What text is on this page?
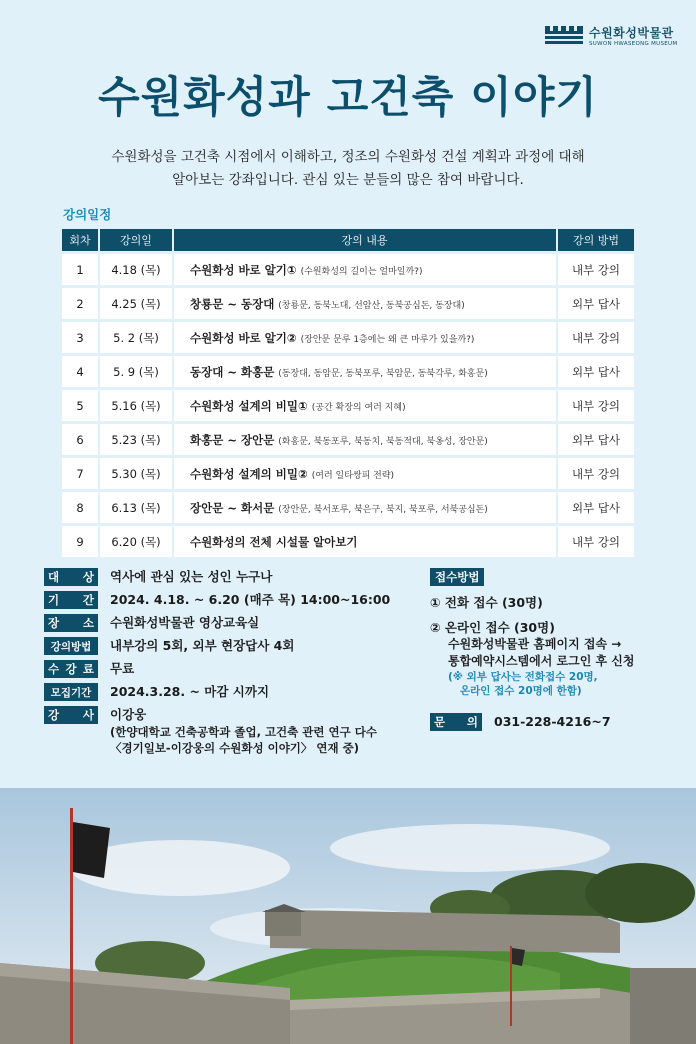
수원화성박물관
SUWON HWASEONG MUSEUM
수원화성과 고건축 이야기
수원화성을 고건축 시점에서 이해하고, 정조의 수원화성 건설 계획과 과정에 대해
알아보는 강좌입니다. 관심 있는 분들의 많은 참여 바랍니다.
강의일정
회차	강의일	강의 내용	강의 방법
1	4.18 (목)	수원화성 바로 알기① (수원화성의 길이는 얼마일까?)	내부 강의
2	4.25 (목)	창룡문 ~ 동장대 (창룡문, 동북노대, 선암산, 동북공심돈, 동장대)	외부 답사
3	5. 2 (목)	수원화성 바로 알기② (장안문 문루 1층에는 왜 큰 마루가 있을까?)	내부 강의
4	5. 9 (목)	동장대 ~ 화홍문 (동장대, 동암문, 동북포루, 북암문, 동북각루, 화홍문)	외부 답사
5	5.16 (목)	수원화성 설계의 비밀① (공간 확장의 여러 지혜)	내부 강의
6	5.23 (목)	화홍문 ~ 장안문 (화홍문, 북동포루, 북동치, 북동적대, 북옹성, 장안문)	외부 답사
7	5.30 (목)	수원화성 설계의 비밀② (여러 일타쌍피 전략)	내부 강의
8	6.13 (목)	장안문 ~ 화서문 (장안문, 북서포루, 북은구, 북지, 북포루, 서북공심돈)	외부 답사
9	6.20 (목)	수원화성의 전체 시설물 알아보기	내부 강의
대 상 역사에 관심 있는 성인 누구나
기 간 2024. 4.18. ~ 6.20 (매주 목) 14:00~16:00
장 소 수원화성박물관 영상교육실
강의방법	내부강의 5회, 외부 현장답사 4회
수 강 료 무료
모집기간	2024.3.28. ~ 마감 시까지
강 사 이강웅
(한양대학교 건축공학과 졸업, 고건축 관련 연구 다수
〈경기일보-이강웅의 수원화성 이야기〉 연재 중)
접수방법
① 전화 접수 (30명)
② 온라인 접수 (30명)
수원화성박물관 홈페이지 접속 →
통합예약시스템에서 로그인 후 신청
(※ 외부 답사는 전화접수 20명,
온라인 접수 20명에 한함)
문 의 031-228-4216~7
